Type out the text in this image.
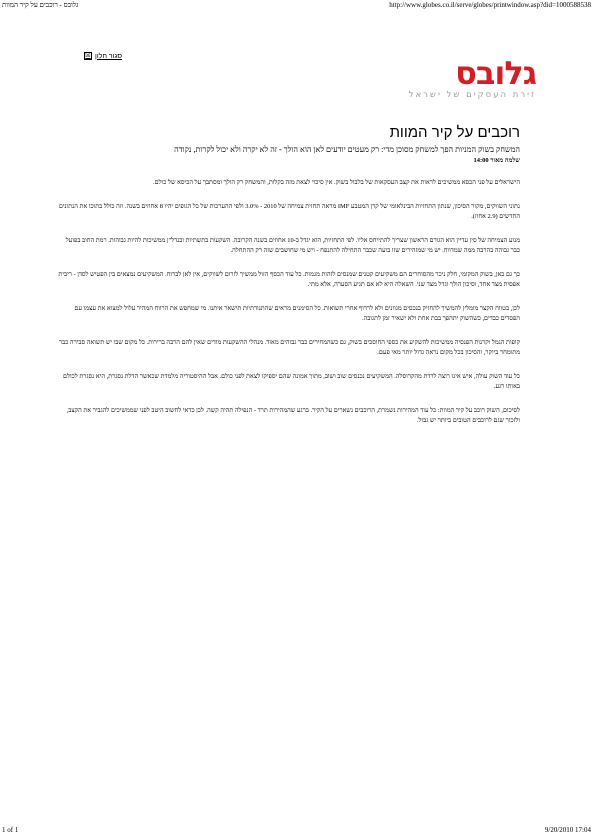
גלובס - רוכבים על קיר המוות	http://www.globes.co.il/serve/globes/printwindow.asp?did=1000588538
☒ סגור חלון	גלובס
זירת העסקים של ישראל
רוכבים על קיר המוות
המשחק בשוק המניות הפך למשחק מסוכן מדי: רק מעטים יודעים לאן הוא הולך - זה לא יקרה ולא יכול לקרות, נקודה
שלמה מאור 14:00

הישראלים על פני הכסא ממשיכים לראות את קצב העסקאות של בלבול בשוק. אין סיכוי לצאת מזה בקלות, והמשחק רק הולך ומסתבך על הכיסא של כולם.

נתוני השווקים, מקור הסיכון, שנתון התחזיות הבינלאומי של קרן המטבע IMF מראה תחזית צמיחה של 2010 - 3.0% ולפי ההערכות של כל הגופים יהיו 8 אחוזים בשנה. וזה כולל בתוכו את הנתונים החדשים (2.9 אחוז).

מנוע הצמיחה של סין עדיין הוא הגורם הראשון שצריך להתייחס אליו. לפי התחזיות, הוא יגדל ב-10 אחוזים בשנה הקרובה. השקעות בתשתיות ובנדל"ן ממשיכות להיות גבוהות. רמת החוב בפועל כבר גבוהה בהרבה ממה שמדווח. יש מי שמזהירים שזו בועה שכבר התחילה להתנפח - ויש מי שחושבים שזה רק ההתחלה.

כך גם כאן, בשוק המקומי, חלק ניכר מהסוחרים הם משקיעים קטנים שמנסים לזהות מגמות. כל עוד הכסף הזול ממשיך לזרום לשווקים, אין לאן לברוח. המשקיעים נמצאים בין הפטיש לסדן - ריבית אפסית מצד אחד, וסיכון הולך וגדל מצד שני. השאלה היא לא אם תגיע הסערה, אלא מתי.

לכן, בטווח הקצר מומלץ להמשיך להחזיק בנכסים מגוונים ולא לרדוף אחרי תשואות. כל הסימנים מראים שהתנודתיות תישאר איתנו. מי שמחפש את הרווח המהיר עלול למצוא את עצמו עם הפסדים כבדים, כשהשוק יתהפך בבת אחת ולא ישאיר זמן לתגובה.

קופות הגמל וקרנות הפנסיה ממשיכות להשקיע את כספי החוסכים בשוק, גם כשהמחירים כבר גבוהים מאוד. מנהלי ההשקעות מודים שאין להם הרבה ברירות. כל מקום שבו יש תשואה סבירה כבר מתומחר ביוקר, והסיכון בכל מקום נראה גדול יותר מאי פעם.

כל עוד השוק עולה, איש אינו רוצה לרדת מהקרוסלה. המשקיעים נכנסים שוב ושוב, מתוך אמונה שהם יספיקו לצאת לפני כולם. אבל ההיסטוריה מלמדת שכאשר הדלת נסגרת, היא נסגרת לכולם באותו רגע.

לסיכום, השוק רוכב על קיר המוות: כל עוד המהירות נשמרת, הרוכבים נשארים על הקיר. ברגע שהמהירות תרד - הנפילה תהיה קשה. לכן כדאי לחשוב היטב לפני שממשיכים להגביר את הקצב, ולזכור שגם לרוכבים הטובים ביותר יש גבול.

1 of 1	9/20/2010 17:04
